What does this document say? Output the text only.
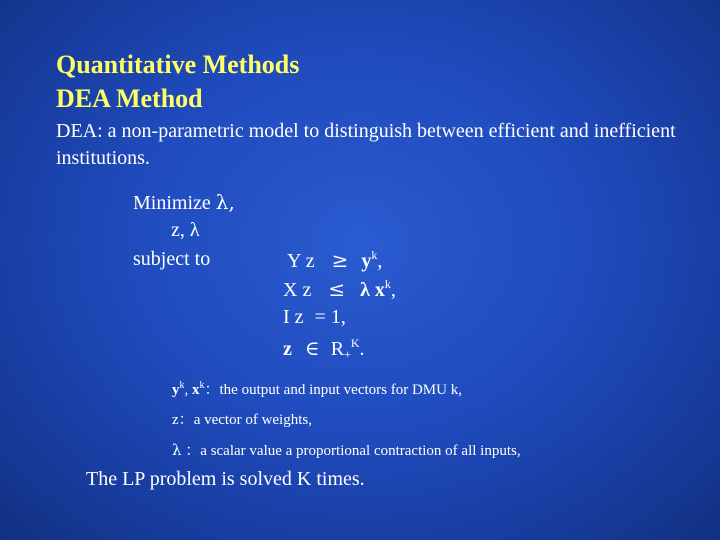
Quantitative Methods
DEA Method
DEA: a non-parametric model to distinguish between efficient and inefficient institutions.
Minimize λ,
z, λ
subject to	Y $z \ge y^k$,
X z ≤ λ $x^k$,
I z = 1,
z ∈ $R_+^K$.
$y^k$, $x^k$：the output and input vectors for DMU k,
z：a vector of weights,
λ ：a scalar value a proportional contraction of all inputs,
The LP problem is solved K times.
